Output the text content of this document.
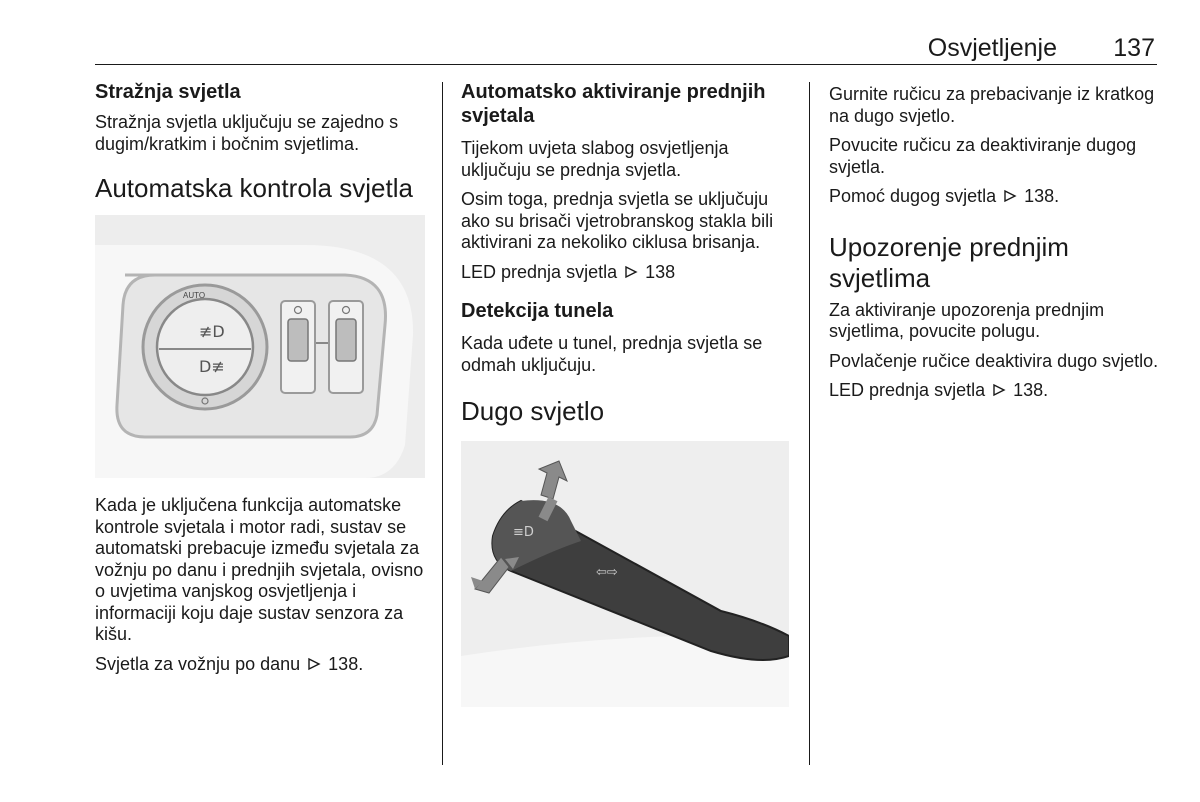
Osvjetljenje 137
Stražnja svjetla

Stražnja svjetla uključuju se zajedno s dugim/kratkim i bočnim svjetlima.

Automatska kontrola svjetla
AUTO
≢D
D≢

Kada je uključena funkcija automatske kontrole svjetala i motor radi, sustav se automatski prebacuje između svjetala za vožnju po danu i prednjih svjetala, ovisno o uvjetima vanjskog osvjetljenja i informaciji koju daje sustav senzora za kišu.

Svjetla za vožnju po danu 138.

Automatsko aktiviranje prednjih svjetala

Tijekom uvjeta slabog osvjetljenja uključuju se prednja svjetla.

Osim toga, prednja svjetla se uključuju ako su brisači vjetrobranskog stakla bili aktivirani za nekoliko ciklusa brisanja.

LED prednja svjetla 138

Detekcija tunela

Kada uđete u tunel, prednja svjetla se odmah uključuju.

Dugo svjetlo
≡D
⇦⇨

Gurnite ručicu za prebacivanje iz kratkog na dugo svjetlo.

Povucite ručicu za deaktiviranje dugog svjetla.

Pomoć dugog svjetla 138.

Upozorenje prednjim svjetlima

Za aktiviranje upozorenja prednjim svjetlima, povucite polugu.

Povlačenje ručice deaktivira dugo svjetlo.

LED prednja svjetla 138.
